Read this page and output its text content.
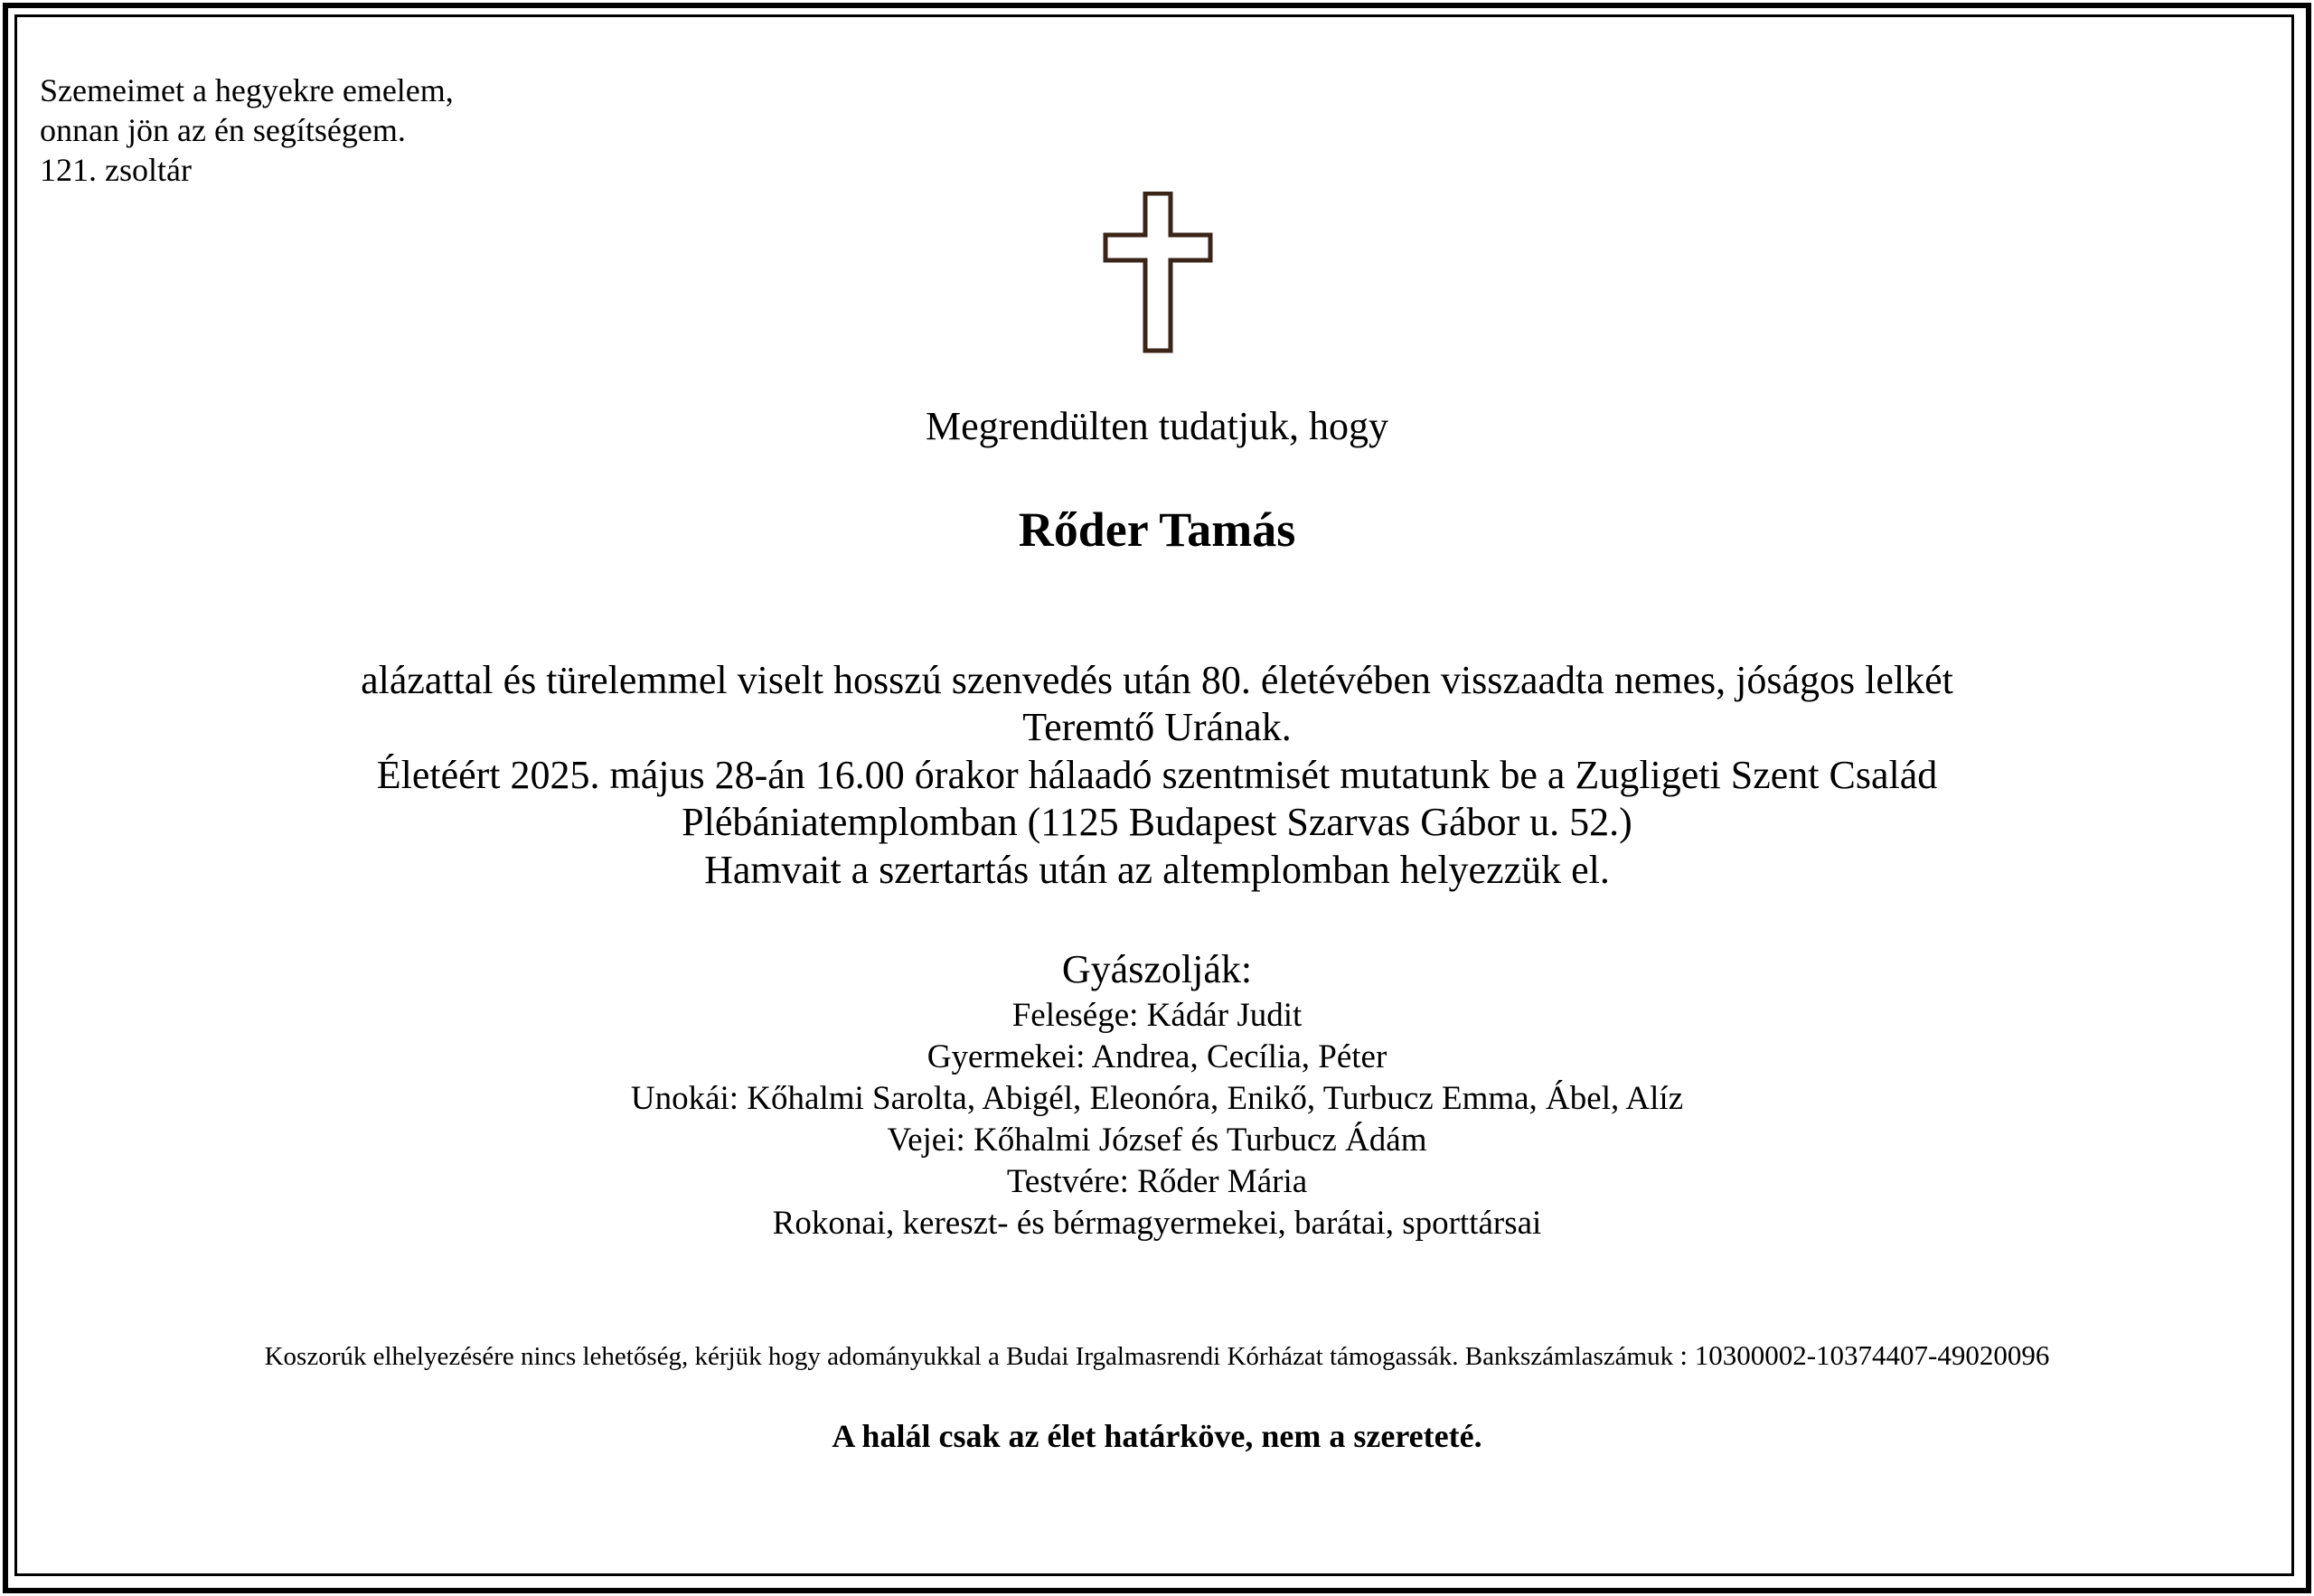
Szemeimet a hegyekre emelem,
onnan jön az én segítségem.
121. zsoltár
Megrendülten tudatjuk, hogy
Rőder Tamás
alázattal és türelemmel viselt hosszú szenvedés után 80. életévében visszaadta nemes, jóságos lelkét
Teremtő Urának.
Életéért 2025. május 28-án 16.00 órakor hálaadó szentmisét mutatunk be a Zugligeti Szent Család
Plébániatemplomban (1125 Budapest Szarvas Gábor u. 52.)
Hamvait a szertartás után az altemplomban helyezzük el.
Gyászolják:
Felesége: Kádár Judit
Gyermekei: Andrea, Cecília, Péter
Unokái: Kőhalmi Sarolta, Abigél, Eleonóra, Enikő, Turbucz Emma, Ábel, Alíz
Vejei: Kőhalmi József és Turbucz Ádám
Testvére: Rőder Mária
Rokonai, kereszt- és bérmagyermekei, barátai, sporttársai
Koszorúk elhelyezésére nincs lehetőség, kérjük hogy adományukkal a Budai Irgalmasrendi Kórházat támogassák. Bankszámlaszámuk : 10300002-10374407-49020096
A halál csak az élet határköve, nem a szereteté.
